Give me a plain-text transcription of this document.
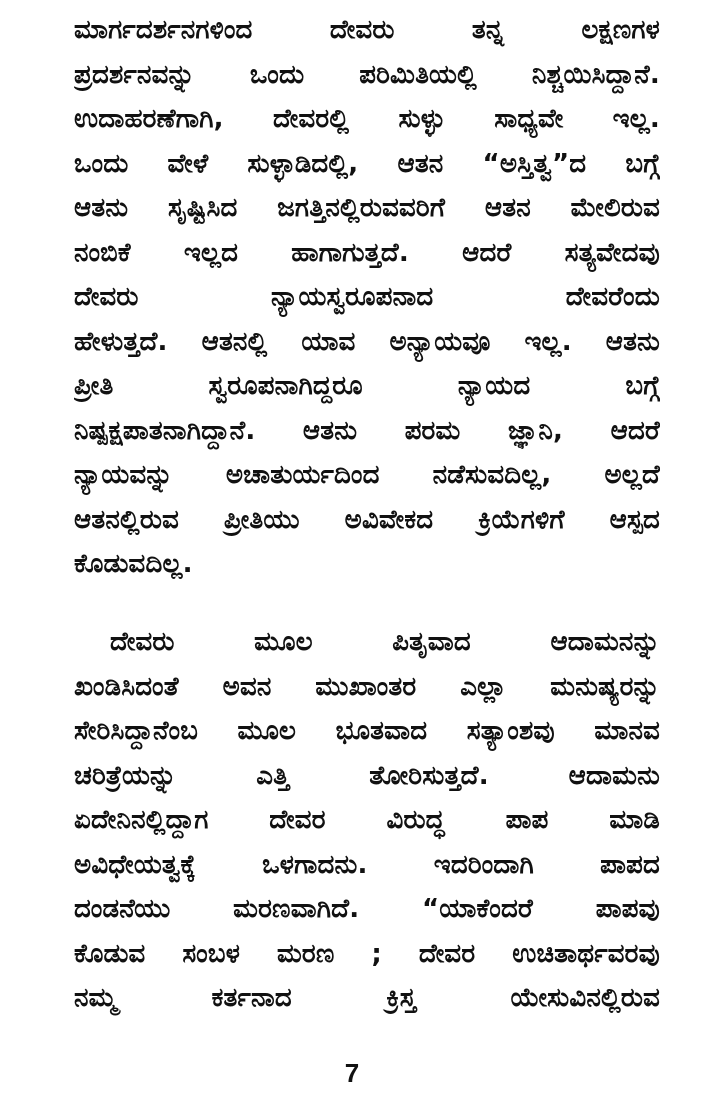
ಮಾರ್ಗದರ್ಶನಗಳಿಂದ ದೇವರು ತನ್ನ ಲಕ್ಷಣಗಳ
ಪ್ರದರ್ಶನವನ್ನು ಒಂದು ಪರಿಮಿತಿಯಲ್ಲಿ ನಿಶ್ಚಯಿಸಿದ್ದಾನೆ.
ಉದಾಹರಣೆಗಾಗಿ, ದೇವರಲ್ಲಿ ಸುಳ್ಳು ಸಾಧ್ಯವೇ ಇಲ್ಲ.
ಒಂದು ವೇಳೆ ಸುಳ್ಳಾಡಿದಲ್ಲಿ, ಆತನ “ಅಸ್ತಿತ್ವ”ದ ಬಗ್ಗೆ
ಆತನು ಸೃಷ್ಟಿಸಿದ ಜಗತ್ತಿನಲ್ಲಿರುವವರಿಗೆ ಆತನ ಮೇಲಿರುವ
ನಂಬಿಕೆ ಇಲ್ಲದ ಹಾಗಾಗುತ್ತದೆ. ಆದರೆ ಸತ್ಯವೇದವು
ದೇವರು ನ್ಯಾಯಸ್ವರೂಪನಾದ ದೇವರೆಂದು
ಹೇಳುತ್ತದೆ. ಆತನಲ್ಲಿ ಯಾವ ಅನ್ಯಾಯವೂ ಇಲ್ಲ. ಆತನು
ಪ್ರೀತಿ ಸ್ವರೂಪನಾಗಿದ್ದರೂ ನ್ಯಾಯದ ಬಗ್ಗೆ
ನಿಷ್ಪಕ್ಷಪಾತನಾಗಿದ್ದಾನೆ. ಆತನು ಪರಮ ಜ್ಞಾನಿ, ಆದರೆ
ನ್ಯಾಯವನ್ನು ಅಚಾತುರ್ಯದಿಂದ ನಡೆಸುವದಿಲ್ಲ, ಅಲ್ಲದೆ
ಆತನಲ್ಲಿರುವ ಪ್ರೀತಿಯು ಅವಿವೇಕದ ಕ್ರಿಯೆಗಳಿಗೆ ಆಸ್ಪದ
ಕೊಡುವದಿಲ್ಲ.
ದೇವರು ಮೂಲ ಪಿತೃವಾದ ಆದಾಮನನ್ನು
ಖಂಡಿಸಿದಂತೆ ಅವನ ಮುಖಾಂತರ ಎಲ್ಲಾ ಮನುಷ್ಯರನ್ನು
ಸೇರಿಸಿದ್ದಾನೆಂಬ ಮೂಲ ಭೂತವಾದ ಸತ್ಯಾಂಶವು ಮಾನವ
ಚರಿತ್ರೆಯನ್ನು ಎತ್ತಿ ತೋರಿಸುತ್ತದೆ. ಆದಾಮನು
ಏದೇನಿನಲ್ಲಿದ್ದಾಗ ದೇವರ ವಿರುದ್ಧ ಪಾಪ ಮಾಡಿ
ಅವಿಧೇಯತ್ವಕ್ಕೆ ಒಳಗಾದನು. ಇದರಿಂದಾಗಿ ಪಾಪದ
ದಂಡನೆಯು ಮರಣವಾಗಿದೆ. “ಯಾಕೆಂದರೆ ಪಾಪವು
ಕೊಡುವ ಸಂಬಳ ಮರಣ ; ದೇವರ ಉಚಿತಾರ್ಥವರವು
ನಮ್ಮ ಕರ್ತನಾದ ಕ್ರಿಸ್ತ ಯೇಸುವಿನಲ್ಲಿರುವ
7
